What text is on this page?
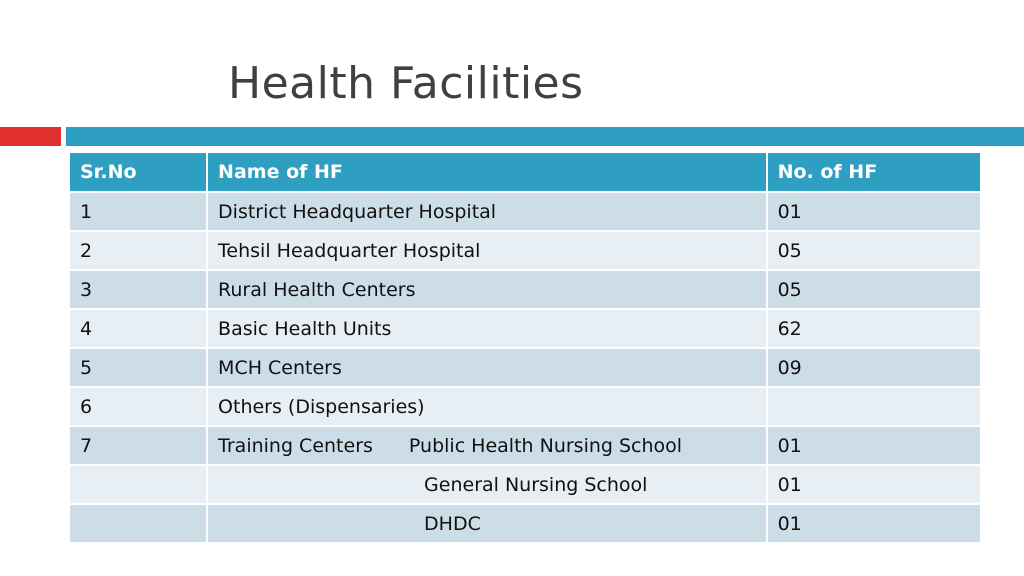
Health Facilities
Sr.No	Name of HF	No. of HF
1	District Headquarter Hospital	01
2	Tehsil Headquarter Hospital	05
3	Rural Health Centers	05
4	Basic Health Units	62
5	MCH Centers	09
6	Others (Dispensaries)	
7	Training Centers Public Health Nursing School	01
	General Nursing School	01
	DHDC	01
